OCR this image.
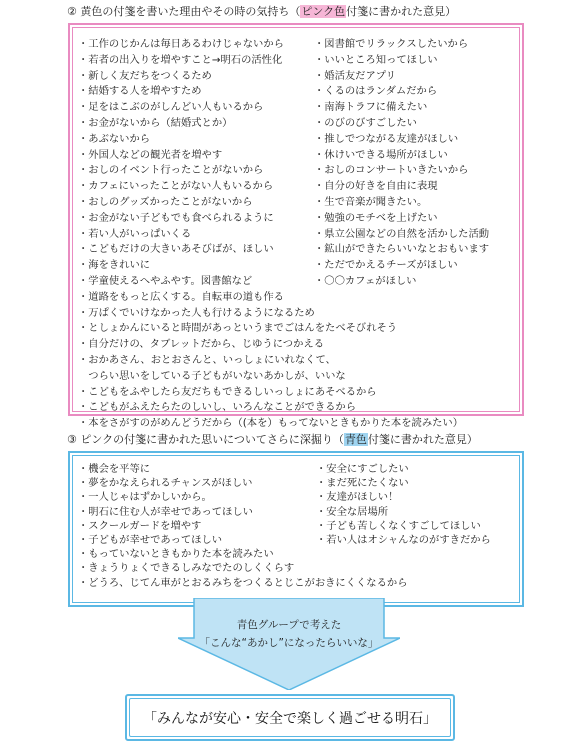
② 黄色の付箋を書いた理由やその時の気持ち（ピンク色付箋に書かれた意見）
・工作のじかんは毎日あるわけじゃないから
・若者の出入りを増やすこと→明石の活性化
・新しく友だちをつくるため
・結婚する人を増やすため
・足をはこぶのがしんどい人もいるから
・お金がないから（結婚式とか）
・あぶないから
・外国人などの観光者を増やす
・おしのイベント行ったことがないから
・カフェにいったことがない人もいるから
・おしのグッズかったことがないから
・お金がない子どもでも食べられるように
・若い人がいっぱいくる
・こどもだけの大きいあそびばが、ほしい
・海をきれいに
・学童使えるへやふやす。図書館など
・道路をもっと広くする。自転車の道も作る
・万ぱくでいけなかった人も行けるようになるため
・としょかんにいると時間があっというまでごはんをたべそびれそう
・自分だけの、タブレットだから、じゆうにつかえる
・おかあさん、おとおさんと、いっしょにいれなくて、
　つらい思いをしている子どもがいないあかしが、いいな
・こどもをふやしたら友だちもできるしいっしょにあそべるから
・こどもがふえたらたのしいし、いろんなことができるから
・本をさがすのがめんどうだから（(本を）もってないときもかりた本を読みたい）
・図書館でリラックスしたいから
・いいところ知ってほしい
・婚活友だアプリ
・くるのはランダムだから
・南海トラフに備えたい
・のびのびすごしたい
・推しでつながる友達がほしい
・休けいできる場所がほしい
・おしのコンサートいきたいから
・自分の好きを自由に表現
・生で音楽が聞きたい。
・勉強のモチベを上げたい
・県立公園などの自然を活かした活動
・鉱山ができたらいいなとおもいます
・ただでかえるチーズがほしい
・〇〇カフェがほしい
③ ピンクの付箋に書かれた思いについてさらに深掘り（青色付箋に書かれた意見）
・機会を平等に
・夢をかなえられるチャンスがほしい
・一人じゃはずかしいから。
・明石に住む人が幸せであってほしい
・スクールガードを増やす
・子どもが幸せであってほしい
・もっていないときもかりた本を読みたい
・きょうりょくできるしみなでたのしくくらす
・どうろ、じてん車がとおるみちをつくるとじこがおきにくくなるから
・安全にすごしたい
・まだ死にたくない
・友達がほしい！
・安全な居場所
・子ども苦しくなくすごしてほしい
・若い人はオシャんなのがすきだから
青色グループで考えた
「こんな“あかし”になったらいいな」
「みんなが安心・安全で楽しく過ごせる明石」
